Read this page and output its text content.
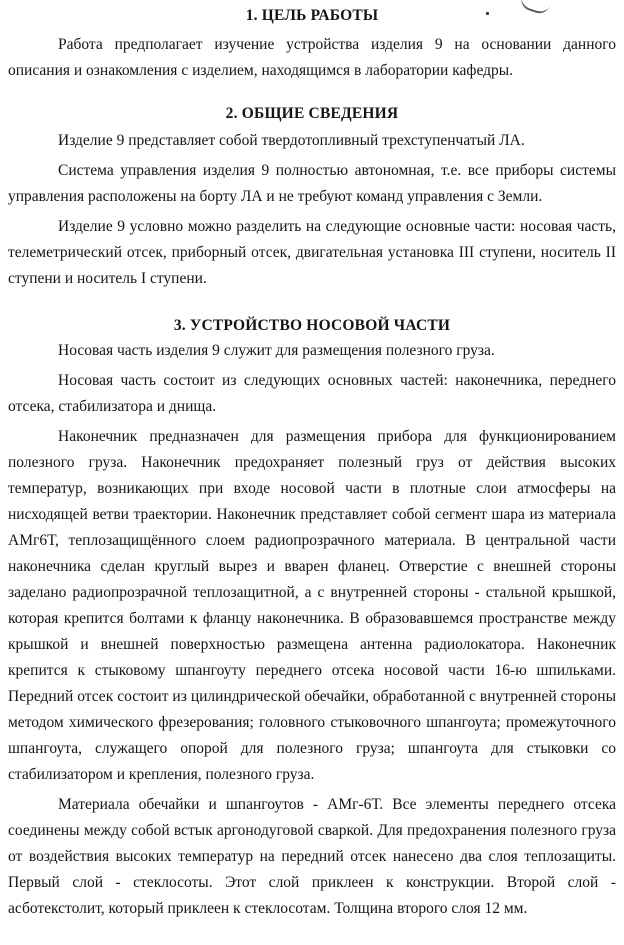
1. ЦЕЛЬ РАБОТЫ

Работа предполагает изучение устройства изделия 9 на основании данного описания и ознакомления с изделием, находящимся в лаборатории кафедры.

2. ОБЩИЕ СВЕДЕНИЯ

Изделие 9 представляет собой твердотопливный трехступенчатый ЛА.

Система управления изделия 9 полностью автономная, т.е. все приборы системы управления расположены на борту ЛА и не требуют команд управления с Земли.

Изделие 9 условно можно разделить на следующие основные части: носовая часть, телеметрический отсек, приборный отсек, двигательная установка III ступени, носитель II ступени и носитель I ступени.

3. УСТРОЙСТВО НОСОВОЙ ЧАСТИ

Носовая часть изделия 9 служит для размещения полезного груза.

Носовая часть состоит из следующих основных частей: наконечника, переднего отсека, стабилизатора и днища.

Наконечник предназначен для размещения прибора для функционированием полезного груза. Наконечник предохраняет полезный груз от действия высоких температур, возникающих при входе носовой части в плотные слои атмосферы на нисходящей ветви траектории. Наконечник представляет собой сегмент шара из материала АМг6Т, теплозащищённого слоем радиопрозрачного материала. В центральной части наконечника сделан круглый вырез и вварен фланец. Отверстие с внешней стороны заделано радиопрозрачной теплозащитной, а с внутренней стороны - стальной крышкой, которая крепится болтами к фланцу наконечника. В образовавшемся пространстве между крышкой и внешней поверхностью размещена антенна радиолокатора. Наконечник крепится к стыковому шпангоуту переднего отсека носовой части 16-ю шпильками. Передний отсек состоит из цилиндрической обечайки, обработанной с внутренней стороны методом химического фрезерования; головного стыковочного шпангоута; промежуточного шпангоута, служащего опорой для полезного груза; шпангоута для стыковки со стабилизатором и крепления, полезного груза.

Материала обечайки и шпангоутов - АМг-6Т. Все элементы переднего отсека соединены между собой встык аргонодуговой сваркой. Для предохранения полезного груза от воздействия высоких температур на передний отсек нанесено два слоя теплозащиты. Первый слой - стеклосоты. Этот слой приклеен к конструкции. Второй слой - асботекстолит, который приклеен к стеклосотам. Толщина второго слоя 12 мм.
